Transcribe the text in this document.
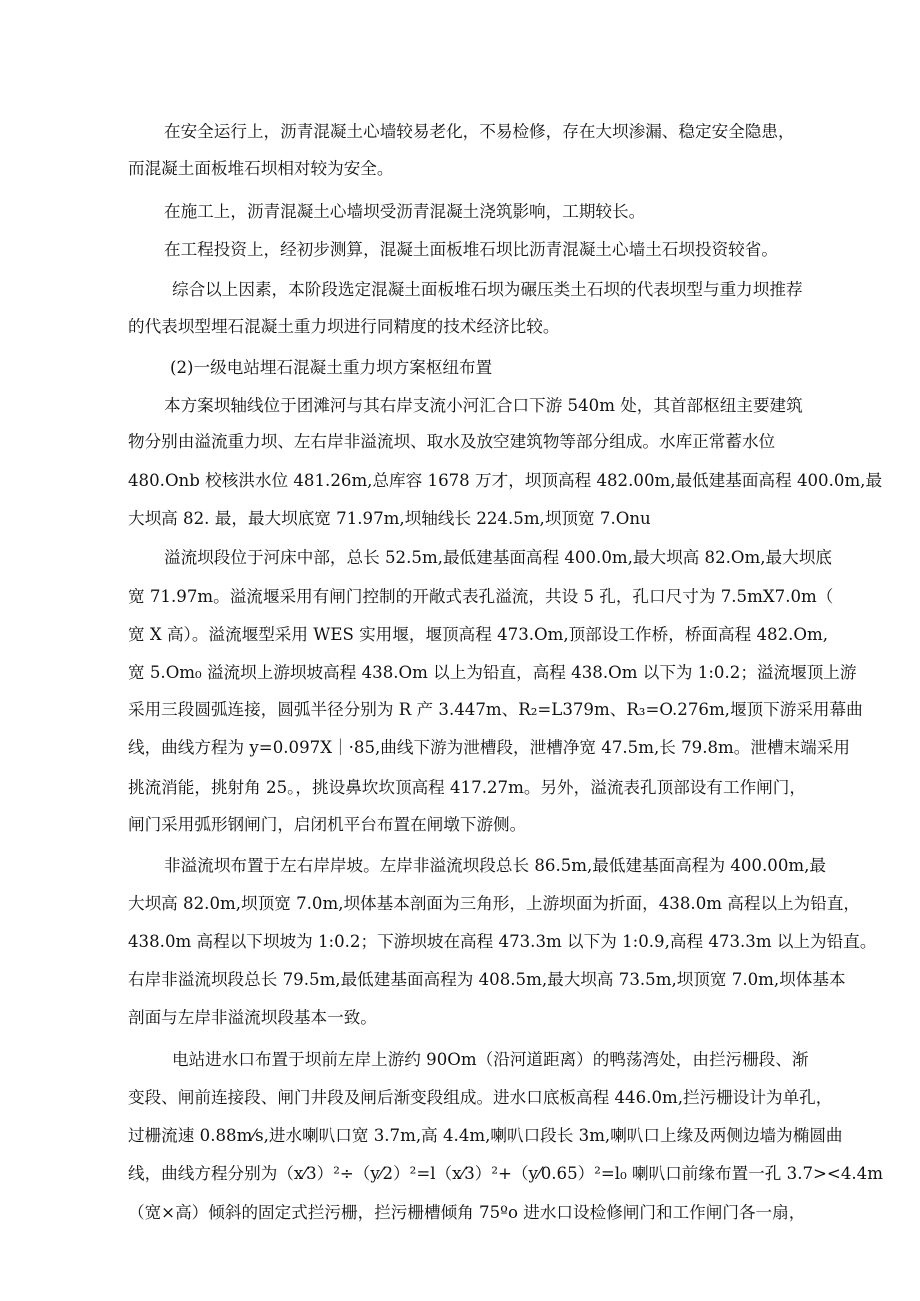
在安全运行上，沥青混凝土心墙较易老化，不易检修，存在大坝渗漏、稳定安全隐患，
而混凝土面板堆石坝相对较为安全。
在施工上，沥青混凝土心墙坝受沥青混凝土浇筑影响，工期较长。
在工程投资上，经初步测算，混凝土面板堆石坝比沥青混凝土心墙土石坝投资较省。
综合以上因素，本阶段选定混凝土面板堆石坝为碾压类土石坝的代表坝型与重力坝推荐
的代表坝型埋石混凝土重力坝进行同精度的技术经济比较。
(2)一级电站埋石混凝土重力坝方案枢纽布置
本方案坝轴线位于团滩河与其右岸支流小河汇合口下游 540m 处，其首部枢纽主要建筑
物分别由溢流重力坝、左右岸非溢流坝、取水及放空建筑物等部分组成。水库正常蓄水位
480.Onb 校核洪水位 481.26m,总库容 1678 万才，坝顶高程 482.00m,最低建基面高程 400.0m,最
大坝高 82. 最，最大坝底宽 71.97m,坝轴线长 224.5m,坝顶宽 7.Onu
溢流坝段位于河床中部，总长 52.5m,最低建基面高程 400.0m,最大坝高 82.Om,最大坝底
宽 71.97m。溢流堰采用有闸门控制的开敞式表孔溢流，共设 5 孔，孔口尺寸为 7.5mX7.0m（
宽 X 高）。溢流堰型采用 WES 实用堰，堰顶高程 473.Om,顶部设工作桥，桥面高程 482.Om,
宽 5.Om₀ 溢流坝上游坝坡高程 438.Om 以上为铅直，高程 438.Om 以下为 1:0.2；溢流堰顶上游
采用三段圆弧连接，圆弧半径分别为 R 产 3.447m、R₂=L379m、R₃=O.276m,堰顶下游采用幕曲
线，曲线方程为 y=0.097X｜·85,曲线下游为泄槽段，泄槽净宽 47.5m,长 79.8m。泄槽末端采用
挑流消能，挑射角 25。，挑设鼻坎坎顶高程 417.27m。另外，溢流表孔顶部设有工作闸门，
闸门采用弧形钢闸门，启闭机平台布置在闸墩下游侧。
非溢流坝布置于左右岸岸坡。左岸非溢流坝段总长 86.5m,最低建基面高程为 400.00m,最
大坝高 82.0m,坝顶宽 7.0m,坝体基本剖面为三角形，上游坝面为折面，438.0m 高程以上为铅直，
438.0m 高程以下坝坡为 1:0.2；下游坝坡在高程 473.3m 以下为 1:0.9,高程 473.3m 以上为铅直。
右岸非溢流坝段总长 79.5m,最低建基面高程为 408.5m,最大坝高 73.5m,坝顶宽 7.0m,坝体基本
剖面与左岸非溢流坝段基本一致。
电站进水口布置于坝前左岸上游约 90Om（沿河道距离）的鸭荡湾处，由拦污栅段、渐
变段、闸前连接段、闸门井段及闸后渐变段组成。进水口底板高程 446.0m,拦污栅设计为单孔，
过栅流速 0.88m⁄s,进水喇叭口宽 3.7m,高 4.4m,喇叭口段长 3m,喇叭口上缘及两侧边墙为椭圆曲
线，曲线方程分别为（x⁄3）²÷（y⁄2）²=l（x⁄3）²+（y⁄0.65）²=l₀ 喇叭口前缘布置一孔 3.7><4.4m
（宽×高）倾斜的固定式拦污栅，拦污栅槽倾角 75ºo 进水口设检修闸门和工作闸门各一扇，
